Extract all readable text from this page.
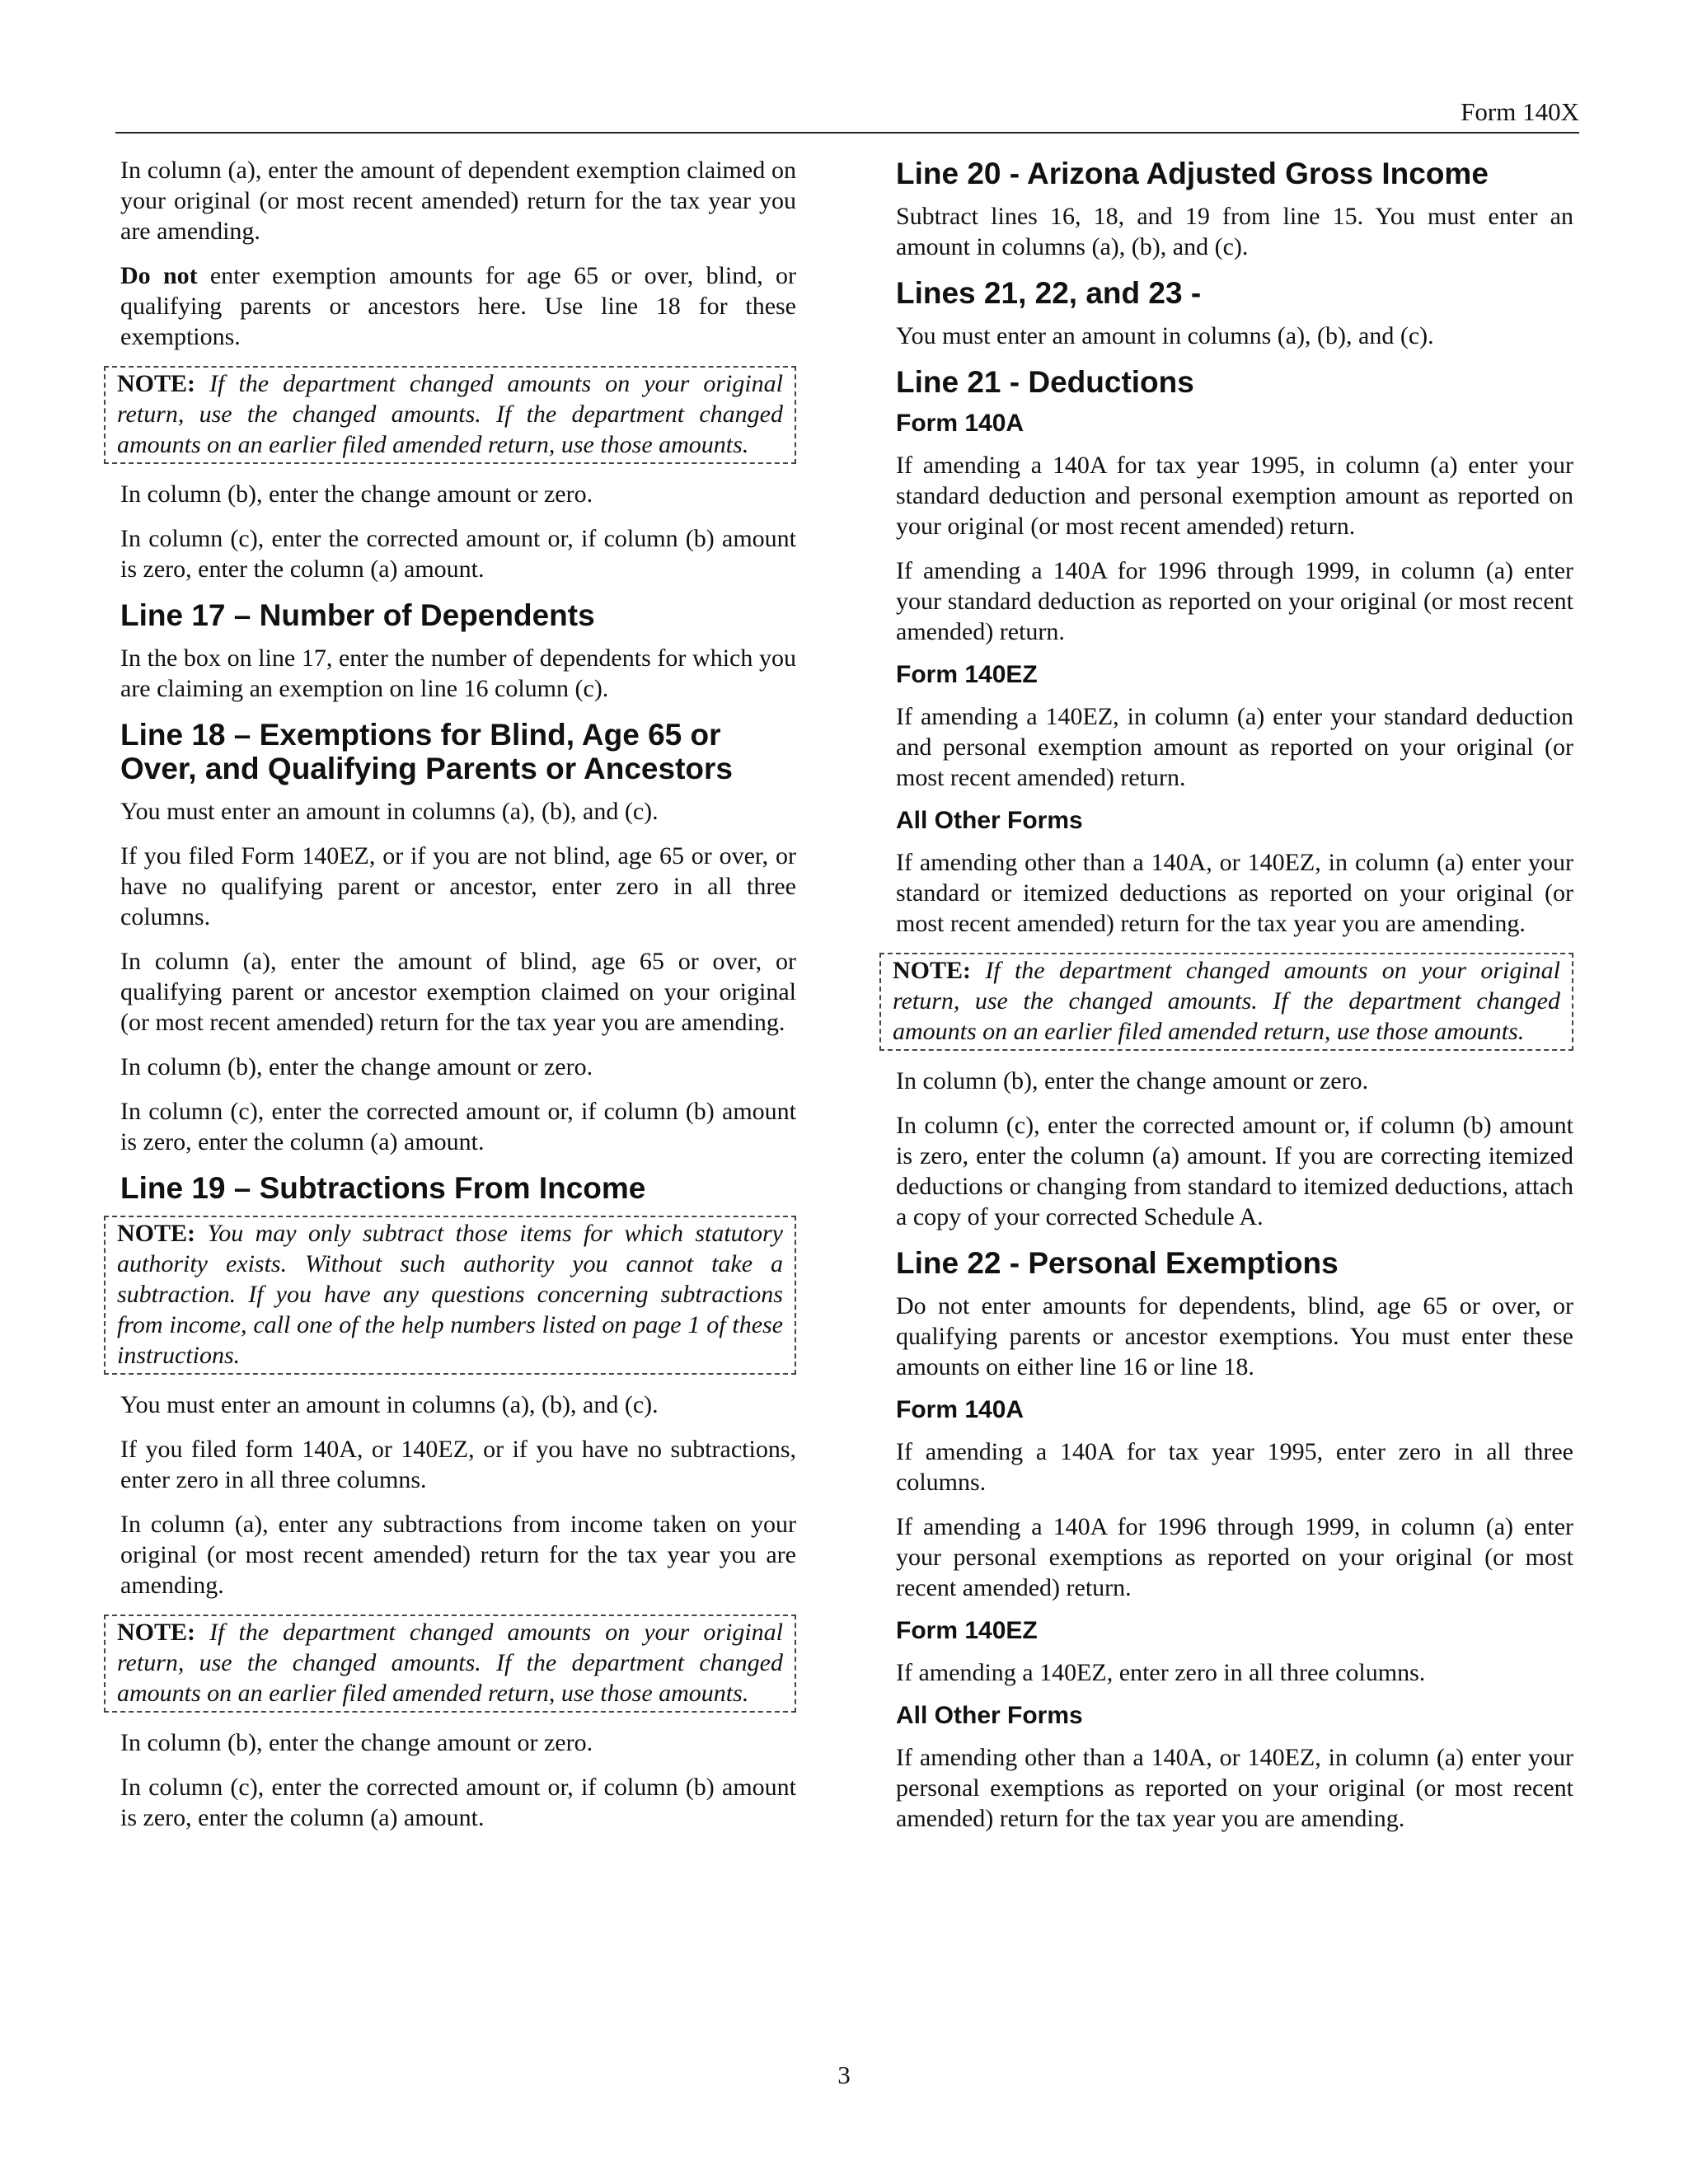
Form 140X

In column (a), enter the amount of dependent exemption claimed on your original (or most recent amended) return for the tax year you are amending.

Do not enter exemption amounts for age 65 or over, blind, or qualifying parents or ancestors here. Use line 18 for these exemptions.

NOTE: If the department changed amounts on your original return, use the changed amounts. If the department changed amounts on an earlier filed amended return, use those amounts.

In column (b), enter the change amount or zero.

In column (c), enter the corrected amount or, if column (b) amount is zero, enter the column (a) amount.

Line 17 – Number of Dependents

In the box on line 17, enter the number of dependents for which you are claiming an exemption on line 16 column (c).

Line 18 – Exemptions for Blind, Age 65 or Over, and Qualifying Parents or Ancestors

You must enter an amount in columns (a), (b), and (c).

If you filed Form 140EZ, or if you are not blind, age 65 or over, or have no qualifying parent or ancestor, enter zero in all three columns.

In column (a), enter the amount of blind, age 65 or over, or qualifying parent or ancestor exemption claimed on your original (or most recent amended) return for the tax year you are amending.

In column (b), enter the change amount or zero.

In column (c), enter the corrected amount or, if column (b) amount is zero, enter the column (a) amount.

Line 19 – Subtractions From Income

NOTE: You may only subtract those items for which statutory authority exists. Without such authority you cannot take a subtraction. If you have any questions concerning subtractions from income, call one of the help numbers listed on page 1 of these instructions.

You must enter an amount in columns (a), (b), and (c).

If you filed form 140A, or 140EZ, or if you have no subtractions, enter zero in all three columns.

In column (a), enter any subtractions from income taken on your original (or most recent amended) return for the tax year you are amending.

NOTE: If the department changed amounts on your original return, use the changed amounts. If the department changed amounts on an earlier filed amended return, use those amounts.

In column (b), enter the change amount or zero.

In column (c), enter the corrected amount or, if column (b) amount is zero, enter the column (a) amount.

Line 20 - Arizona Adjusted Gross Income

Subtract lines 16, 18, and 19 from line 15. You must enter an amount in columns (a), (b), and (c).

Lines 21, 22, and 23 -

You must enter an amount in columns (a), (b), and (c).

Line 21 - Deductions
Form 140A

If amending a 140A for tax year 1995, in column (a) enter your standard deduction and personal exemption amount as reported on your original (or most recent amended) return.

If amending a 140A for 1996 through 1999, in column (a) enter your standard deduction as reported on your original (or most recent amended) return.

Form 140EZ

If amending a 140EZ, in column (a) enter your standard deduction and personal exemption amount as reported on your original (or most recent amended) return.

All Other Forms

If amending other than a 140A, or 140EZ, in column (a) enter your standard or itemized deductions as reported on your original (or most recent amended) return for the tax year you are amending.

NOTE: If the department changed amounts on your original return, use the changed amounts. If the department changed amounts on an earlier filed amended return, use those amounts.

In column (b), enter the change amount or zero.

In column (c), enter the corrected amount or, if column (b) amount is zero, enter the column (a) amount. If you are correcting itemized deductions or changing from standard to itemized deductions, attach a copy of your corrected Schedule A.

Line 22 - Personal Exemptions

Do not enter amounts for dependents, blind, age 65 or over, or qualifying parents or ancestor exemptions. You must enter these amounts on either line 16 or line 18.

Form 140A

If amending a 140A for tax year 1995, enter zero in all three columns.

If amending a 140A for 1996 through 1999, in column (a) enter your personal exemptions as reported on your original (or most recent amended) return.

Form 140EZ

If amending a 140EZ, enter zero in all three columns.

All Other Forms

If amending other than a 140A, or 140EZ, in column (a) enter your personal exemptions as reported on your original (or most recent amended) return for the tax year you are amending.

3
